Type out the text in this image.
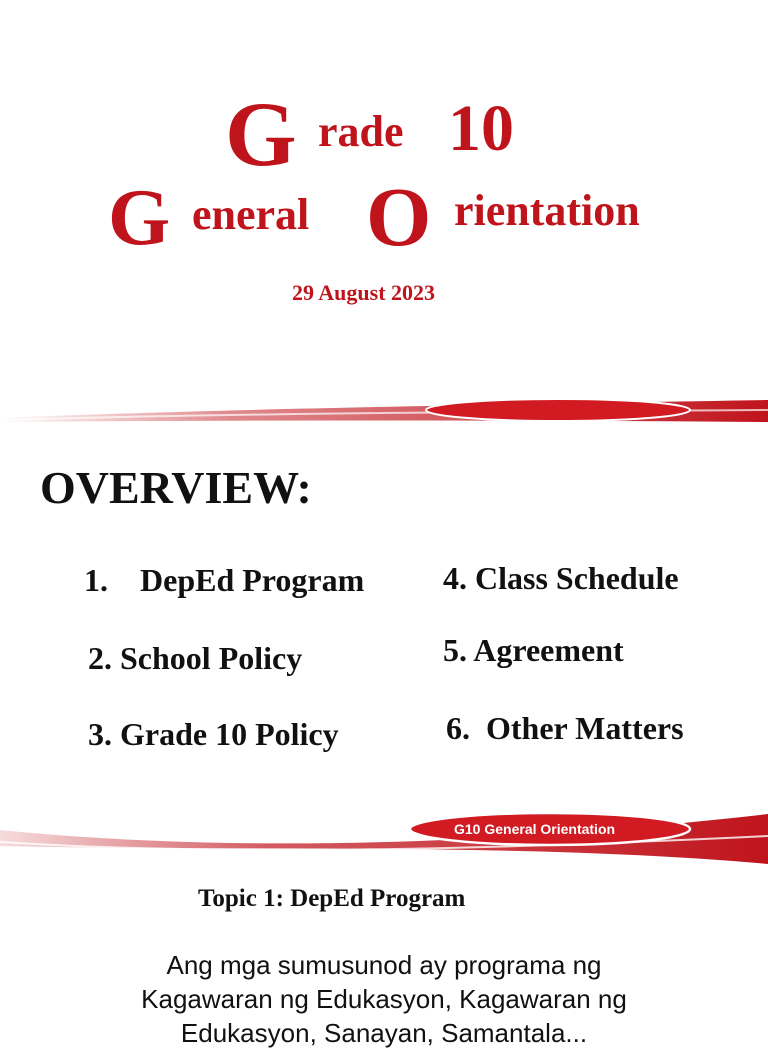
G rade 10
G eneral O rientation
29 August 2023
OVERVIEW:
1.    DepEd Program
2. School Policy
3. Grade 10 Policy
4. Class Schedule
5. Agreement
6.  Other Matters
G10 General Orientation
Topic 1: DepEd Program
Ang mga sumusunod ay programa ng
Kagawaran ng Edukasyon, Kagawaran ng
Edukasyon, Sanayan, Samantala...
